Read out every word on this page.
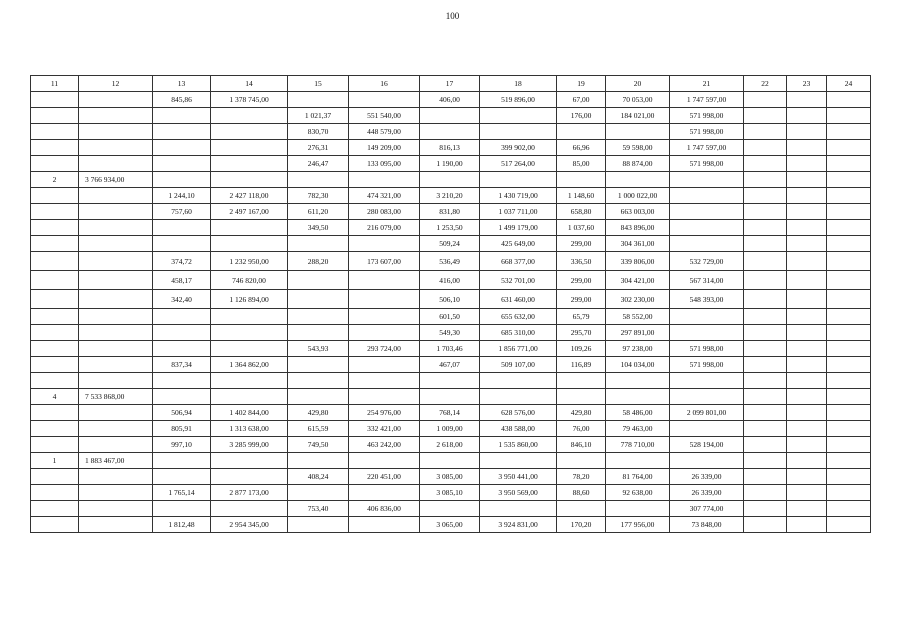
100
11	12	13	14	15	16	17	18	19	20	21	22	23	24
		845,86	1 378 745,00			406,00	519 896,00	67,00	70 053,00	1 747 597,00			
				1 021,37	551 540,00			176,00	184 021,00	571 998,00			
				830,70	448 579,00					571 998,00			
				276,31	149 209,00	816,13	399 902,00	66,96	59 598,00	1 747 597,00			
				246,47	133 095,00	1 190,00	517 264,00	85,00	88 874,00	571 998,00			
2	3 766 934,00												
		1 244,10	2 427 118,00	782,30	474 321,00	3 210,20	1 430 719,00	1 148,60	1 000 022,00				
		757,60	2 497 167,00	611,20	280 083,00	831,80	1 037 711,00	658,80	663 003,00				
				349,50	216 079,00	1 253,50	1 499 179,00	1 037,60	843 896,00				
						509,24	425 649,00	299,00	304 361,00				
		374,72	1 232 950,00	288,20	173 607,00	536,49	668 377,00	336,50	339 806,00	532 729,00			
		458,17	746 820,00			416,00	532 701,00	299,00	304 421,00	567 314,00			
		342,40	1 126 894,00			506,10	631 460,00	299,00	302 230,00	548 393,00			
						601,50	655 632,00	65,79	58 552,00				
						549,30	685 310,00	295,70	297 891,00				
				543,93	293 724,00	1 703,46	1 856 771,00	109,26	97 238,00	571 998,00			
		837,34	1 364 862,00			467,07	509 107,00	116,89	104 034,00	571 998,00			

4	7 533 868,00												
		506,94	1 402 844,00	429,80	254 976,00	768,14	628 576,00	429,80	58 486,00	2 099 801,00			
		805,91	1 313 638,00	615,59	332 421,00	1 009,00	438 588,00	76,00	79 463,00				
		997,10	3 285 999,00	749,50	463 242,00	2 618,00	1 535 860,00	846,10	778 710,00	528 194,00			
1	1 883 467,00												
				408,24	220 451,00	3 085,00	3 950 441,00	78,20	81 764,00	26 339,00			
		1 765,14	2 877 173,00			3 085,10	3 950 569,00	88,60	92 638,00	26 339,00			
				753,40	406 836,00					307 774,00			
		1 812,48	2 954 345,00			3 065,00	3 924 831,00	170,20	177 956,00	73 848,00			
